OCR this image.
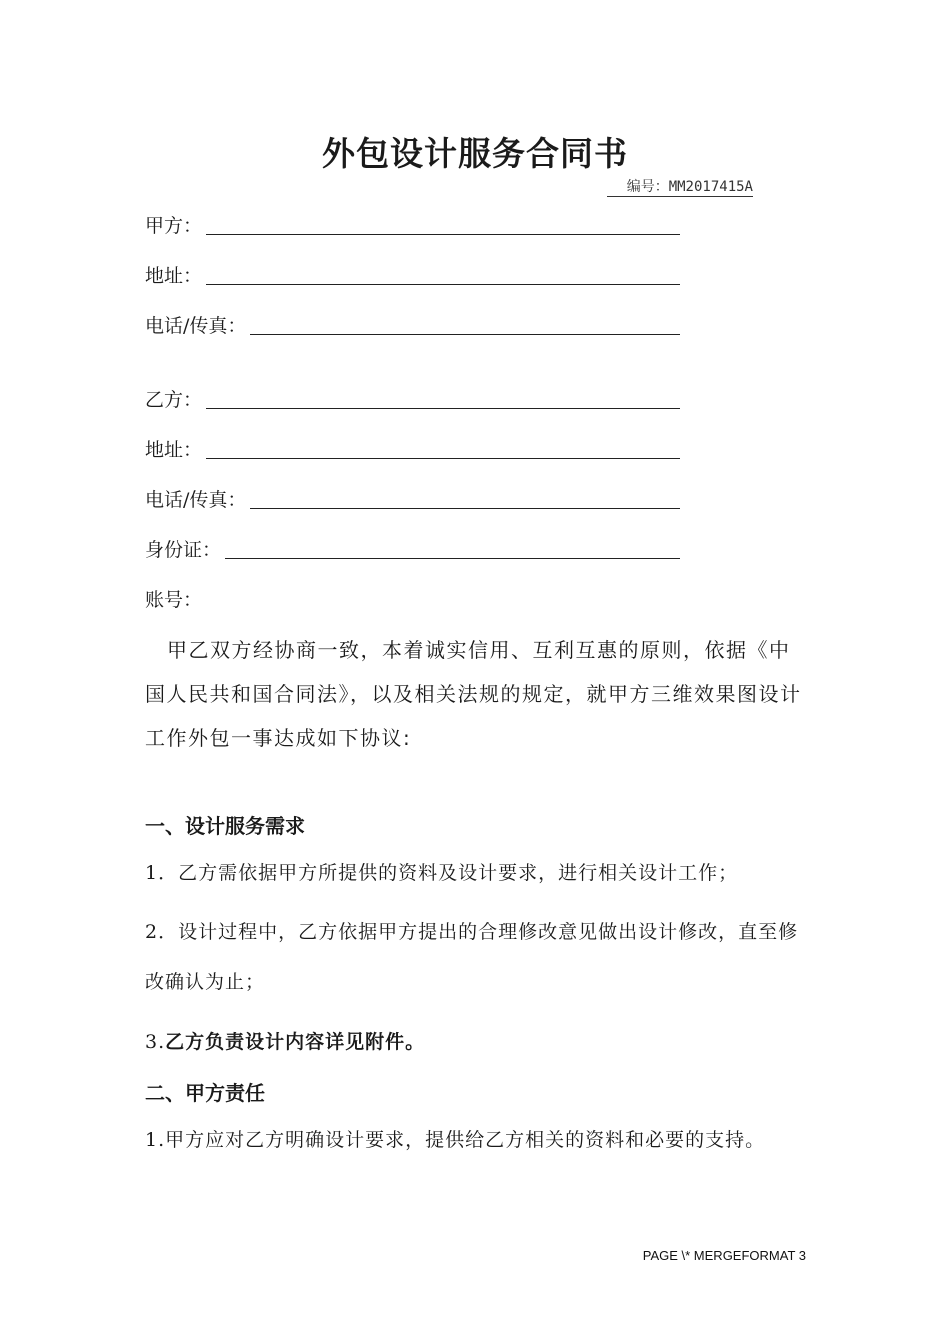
外包设计服务合同书
编号：MM2017415A
甲方：
地址：
电话/传真：
乙方：
地址：
电话/传真：
身份证：
账号：
甲乙双方经协商一致，本着诚实信用、互利互惠的原则，依据《中国人民共和国合同法》，以及相关法规的规定，就甲方三维效果图设计工作外包一事达成如下协议:
一、设计服务需求
1．乙方需依据甲方所提供的资料及设计要求，进行相关设计工作；
2．设计过程中，乙方依据甲方提出的合理修改意见做出设计修改，直至修改确认为止；
3.乙方负责设计内容详见附件。
二、甲方责任
1.甲方应对乙方明确设计要求，提供给乙方相关的资料和必要的支持。
PAGE \* MERGEFORMAT 3
